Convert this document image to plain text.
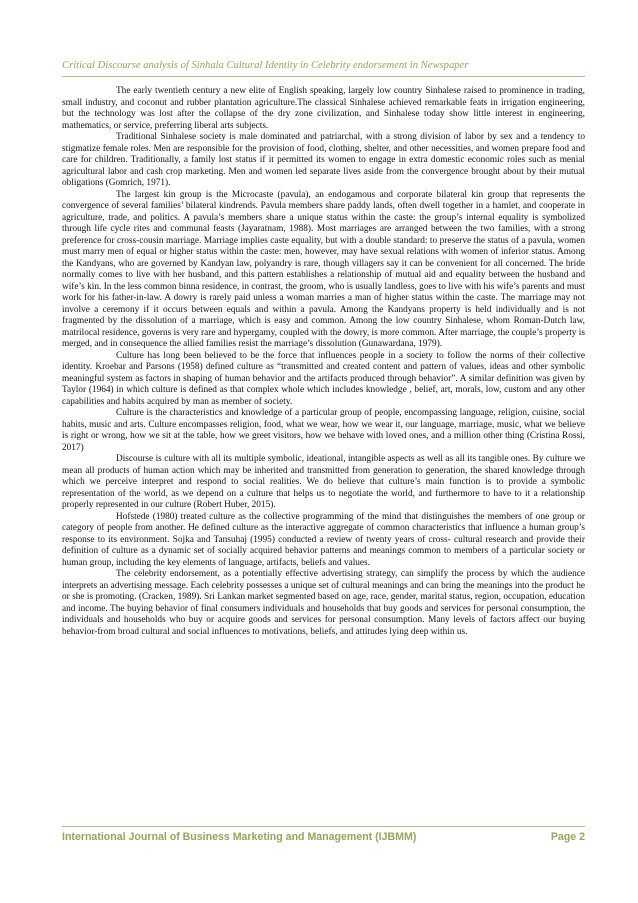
Critical Discourse analysis of Sinhala Cultural Identity in Celebrity endorsement in Newspaper

The early twentieth century a new elite of English speaking, largely low country Sinhalese raised to prominence in trading, small industry, and coconut and rubber plantation agriculture.The classical Sinhalese achieved remarkable feats in irrigation engineering, but the technology was lost after the collapse of the dry zone civilization, and Sinhalese today show little interest in engineering, mathematics, or service, preferring liberal arts subjects.

Traditional Sinhalese society is male dominated and patriarchal, with a strong division of labor by sex and a tendency to stigmatize female roles. Men are responsible for the provision of food, clothing, shelter, and other necessities, and women prepare food and care for children. Traditionally, a family lost status if it permitted its women to engage in extra domestic economic roles such as menial agricultural labor and cash crop marketing. Men and women led separate lives aside from the convergence brought about by their mutual obligations (Gomrich, 1971).

The largest kin group is the Microcaste (pavula), an endogamous and corporate bilateral kin group that represents the convergence of several families’ bilateral kindrends. Pavula members share paddy lands, often dwell together in a hamlet, and cooperate in agriculture, trade, and politics. A pavula’s members share a unique status within the caste: the group’s internal equality is symbolized through life cycle rites and communal feasts (Jayaratnam, 1988). Most marriages are arranged between the two families, with a strong preference for cross-cousin marriage. Marriage implies caste equality, but with a double standard: to preserve the status of a pavula, women must marry men of equal or higher status within the caste: men, however, may have sexual relations with women of inferior status. Among the Kandyans, who are governed by Kandyan law, polyandry is rare, though villagers say it can be convenient for all concerned. The bride normally comes to live with her husband, and this pattern establishes a relationship of mutual aid and equality between the husband and wife’s kin. In the less common binna residence, in contrast, the groom, who is usually landless, goes to live with his wife’s parents and must work for his father-in-law. A dowry is rarely paid unless a woman marries a man of higher status within the caste. The marriage may not involve a ceremony if it occurs between equals and within a pavula. Among the Kandyans property is held individually and is not fragmented by the dissolution of a marriage, which is easy and common. Among the low country Sinhalese, whom Roman-Dutch law, matrilocal residence, governs is very rare and hypergamy, coupled with the dowry, is more common. After marriage, the couple’s property is merged, and in consequence the allied families resist the marriage’s dissolution (Gunawardana, 1979).

Culture has long been believed to be the force that influences people in a society to follow the norms of their collective identity. Kroebar and Parsons (1958) defined culture as “transmitted and created content and pattern of values, ideas and other symbolic meaningful system as factors in shaping of human behavior and the artifacts produced through behavior”. A similar definition was given by Taylor (1964) in which culture is defined as that complex whole which includes knowledge , belief, art, morals, low, custom and any other capabilities and habits acquired by man as member of society.

Culture is the characteristics and knowledge of a particular group of people, encompassing language, religion, cuisine, social habits, music and arts. Culture encompasses religion, food, what we wear, how we wear it, our language, marriage, music, what we believe is right or wrong, how we sit at the table, how we greet visitors, how we behave with loved ones, and a million other thing (Cristina Rossi, 2017)

Discourse is culture with all its multiple symbolic, ideational, intangible aspects as well as all its tangible ones. By culture we mean all products of human action which may be inherited and transmitted from generation to generation, the shared knowledge through which we perceive interpret and respond to social realities. We do believe that culture’s main function is to provide a symbolic representation of the world, as we depend on a culture that helps us to negotiate the world, and furthermore to have to it a relationship properly represented in our culture (Robert Huber, 2015).

Hofstede (1980) treated culture as the collective programming of the mind that distinguishes the members of one group or category of people from another. He defined culture as the interactive aggregate of common characteristics that influence a human group’s response to its environment. Sojka and Tansuhaj (1995) conducted a review of twenty years of cross- cultural research and provide their definition of culture as a dynamic set of socially acquired behavior patterns and meanings common to members of a particular society or human group, including the key elements of language, artifacts, beliefs and values.

The celebrity endorsement, as a potentially effective advertising strategy, can simplify the process by which the audience interprets an advertising message. Each celebrity possesses a unique set of cultural meanings and can bring the meanings into the product he or she is promoting. (Cracken, 1989). Sri Lankan market segmented based on age, race, gender, marital status, region, occupation, education and income. The buying behavior of final consumers individuals and households that buy goods and services for personal consumption, the individuals and households who buy or acquire goods and services for personal consumption. Many levels of factors affect our buying behavior-from broad cultural and social influences to motivations, beliefs, and attitudes lying deep within us.

International Journal of Business Marketing and Management (IJBMM)	Page 2
